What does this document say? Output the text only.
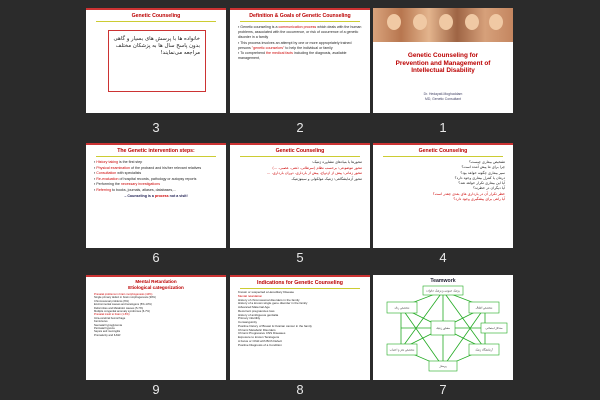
Genetic Counseling
خانواده ها با پرسش های بسیار و گاهی بدون پاسخ سال ها به پزشکان مختلف مراجعه می‌نمایند!
3
Definition & Goals of Genetic Counseling
▪ Genetic counseling is a communication process which deals with the human problems, associated with the occurrence, or risk of occurrence of a genetic disorder in a family
▪ This process involves an attempt by one or more appropriately trained persons "genetic counselors" to help the individual or family
▪ To comprehend the medical facts including the diagnosis, available management,
2
Genetic Counseling for
Prevention and Management of
Intellectual Disability
Dr. Hedayati-Moghaddam
MD, Genetic Consultant
1
The Genetic intervention steps:
▪ History taking is the first step
▪ Physical examination of the proband and his/her relevant relatives
▪ Consultation with specialists
▪ Re-evaluation of hospital records, pathology or autopsy reports
▪ Performing the necessary investigations
▪ Referring to books, journals, atlases, databases,...
– Counseling is a process not a visit!
6
Genetic Counseling
محورها یا بنیادهای مشاوره ژنتیک:
محور موضوعی: برحسب نظام (سرطانی، ذهنی، عصبی، ...)
محور زمانی: پیش از ازدواج، پیش از بارداری، دوران بارداری، ...
محور آزمایشگاهی: ژنتیک مولکولی و سیتوژنتیک
5
Genetic Counseling
تشخیص بیماری چیست؟
چرا برای ما پیش آمده است؟
سیر بیماری چگونه خواهد بود؟
درمان یا کنترل بیماری وجود دارد؟
آیا این بیماری تکرار خواهد شد؟
آیا دیگران در خطرند؟
خطر تکرار آن در بارداری های بعدی چقدر است؟
آیا راهی برای پیشگیری وجود دارد؟
4
Mental Retardation
Etiological categorization
Prenatal problems in brain morphogenesis (44%)
Single primary defect in brain morphogenesis (30%)
Chromosomal problems (6%)
Environmental causes and teratogens (5%-13%)
Deformities and Metabolic causes (5-7%)
Multiple congenital anomaly syndromes (6-7%)
Prenatal insult to brain (1-5%)
Intra-cerebral hemorrhage
Kernicterus
Neonatal hypoglycemia
Perinatal hypoxia
Sepsis and meningitis
Prematurity and IUGR
9
Indications for Genetic Counseling
Known or suspected a Hereditary Disease
Mental retardation
History of chromosomal disorders in the family
History of a known single gene disorder in the family
Advanced Maternal Age
Recurrent pregnancies loss
History of ambiguous genitalia
Primary infertility
Consanguinity
Positive history of Breast & Ovarian cancer in the family
Chronic Metabolic Disorders
Chronic Progressive CNS Diseases
Exposure to known Teratogens
A Fetus or Child with Birth Defect
Positive Diagnosis of a Condition
8
Teamwork
پزشک عمومی و پزشک خانواده
مشاور ژنتیک
متخصص اطفال
متخصص زنان
آزمایشگاه ژنتیک
متخصص مغز و اعصاب
پرستار
مددکار اجتماعی
7
